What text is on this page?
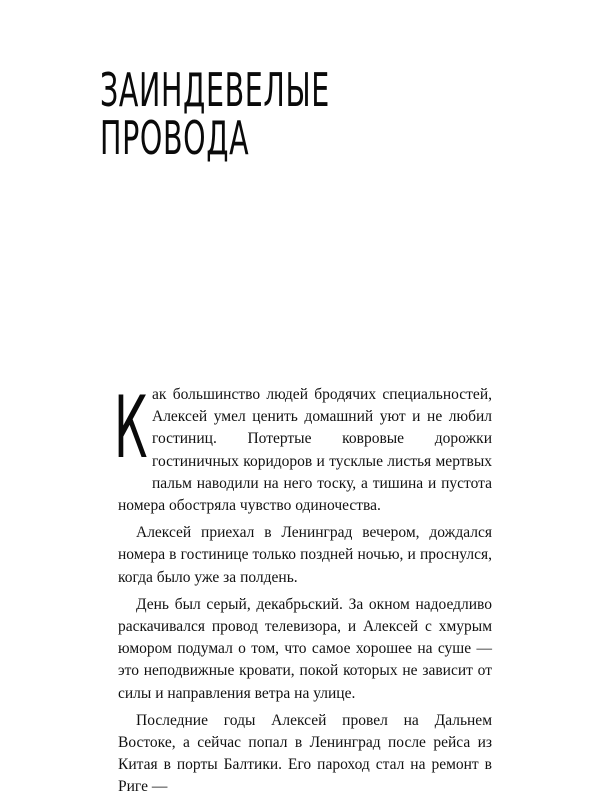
ЗАИНДЕВЕЛЫЕ
ПРОВОДА

Как большинство людей бродячих специальностей, Алексей умел ценить домашний уют и не любил гостиниц. Потертые ковровые дорожки гостиничных коридоров и тусклые листья мертвых пальм наводили на него тоску, а тишина и пустота номера обостряла чувство одиночества.

Алексей приехал в Ленинград вечером, дождался номера в гостинице только поздней ночью, и проснулся, когда было уже за полдень.

День был серый, декабрьский. За окном надоедливо раскачивался провод телевизора, и Алексей с хмурым юмором подумал о том, что самое хорошее на суше — это неподвижные кровати, покой которых не зависит от силы и направления ветра на улице.

Последние годы Алексей провел на Дальнем Востоке, а сейчас попал в Ленинград после рейса из Китая в порты Балтики. Его пароход стал на ремонт в Риге —
